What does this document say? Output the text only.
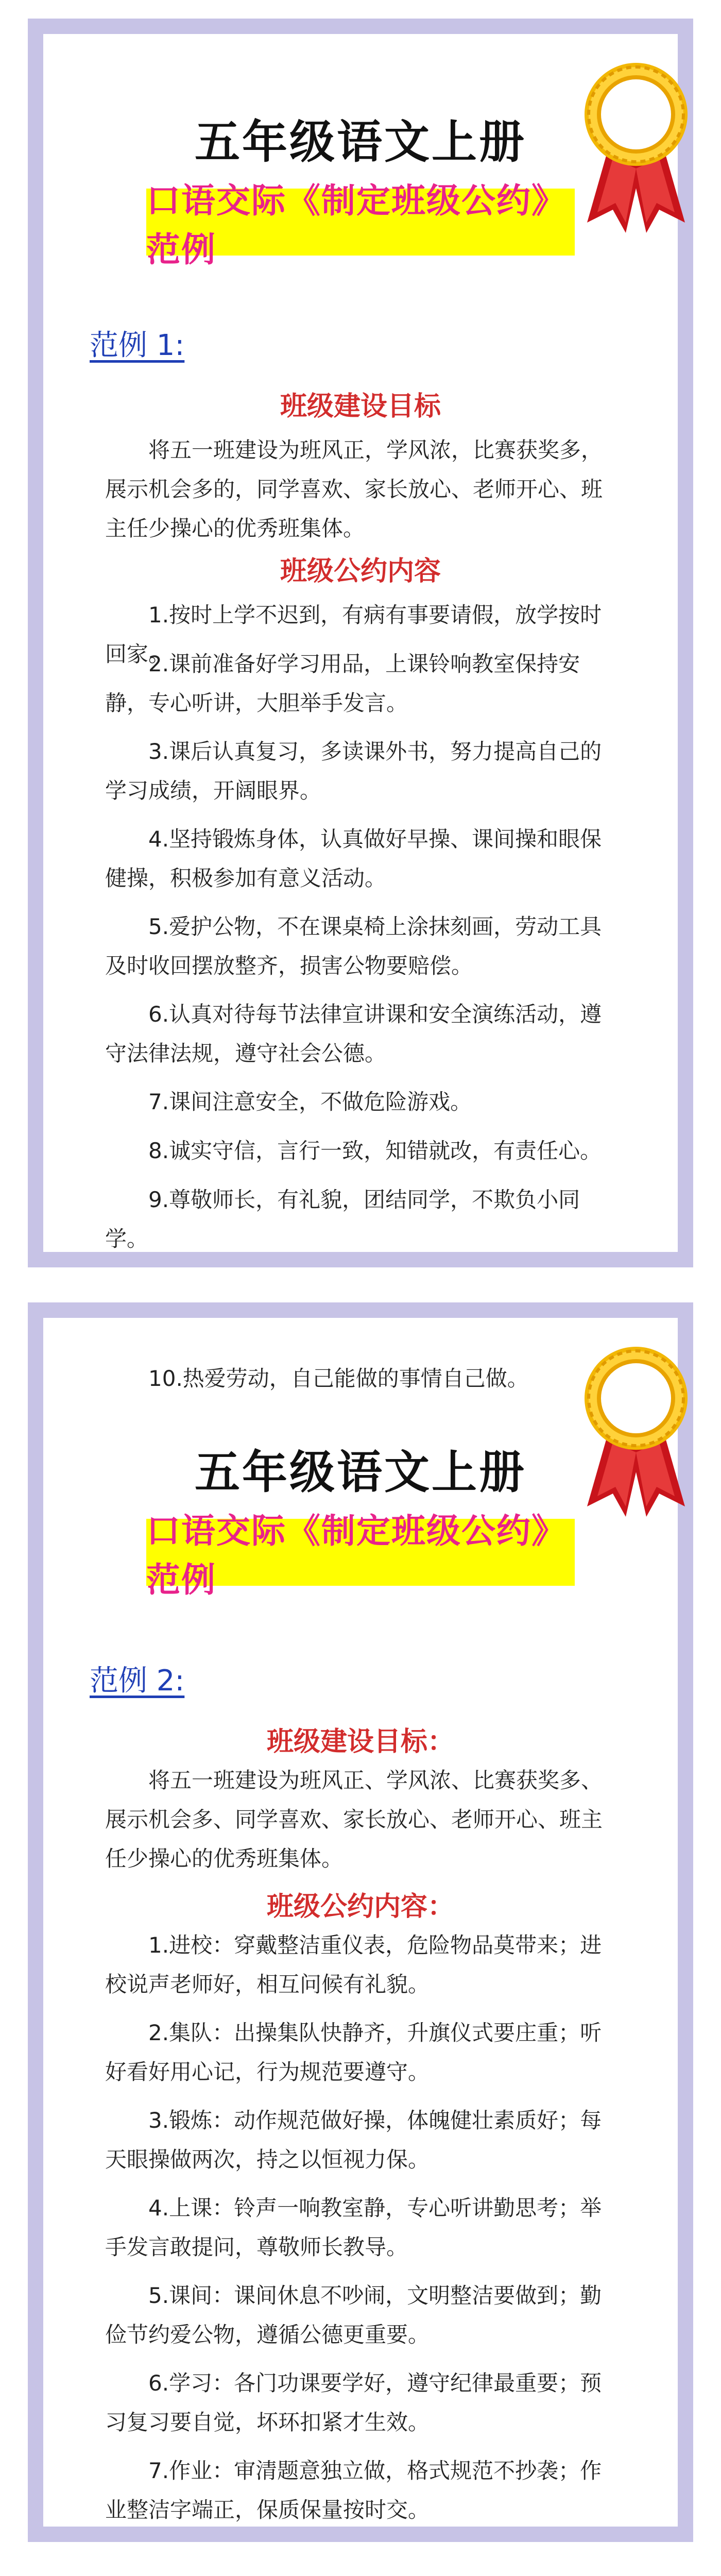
五年级语文上册
口语交际《制定班级公约》范例
范例 1:
班级建设目标

将五一班建设为班风正，学风浓，比赛获奖多，展示机会多的，同学喜欢、家长放心、老师开心、班主任少操心的优秀班集体。

班级公约内容

1.按时上学不迟到，有病有事要请假，放学按时回家。

2.课前准备好学习用品，上课铃响教室保持安静，专心听讲，大胆举手发言。

3.课后认真复习，多读课外书，努力提高自己的学习成绩，开阔眼界。

4.坚持锻炼身体，认真做好早操、课间操和眼保健操，积极参加有意义活动。

5.爱护公物，不在课桌椅上涂抹刻画，劳动工具及时收回摆放整齐，损害公物要赔偿。

6.认真对待每节法律宣讲课和安全演练活动，遵守法律法规，遵守社会公德。

7.课间注意安全，不做危险游戏。

8.诚实守信，言行一致，知错就改，有责任心。

9.尊敬师长，有礼貌，团结同学，不欺负小同学。

10.热爱劳动，自己能做的事情自己做。

五年级语文上册
口语交际《制定班级公约》范例
范例 2:
班级建设目标：

将五一班建设为班风正、学风浓、比赛获奖多、展示机会多、同学喜欢、家长放心、老师开心、班主任少操心的优秀班集体。

班级公约内容：

1.进校：穿戴整洁重仪表，危险物品莫带来；进校说声老师好，相互问候有礼貌。

2.集队：出操集队快静齐，升旗仪式要庄重；听好看好用心记，行为规范要遵守。

3.锻炼：动作规范做好操，体魄健壮素质好；每天眼操做两次，持之以恒视力保。

4.上课：铃声一响教室静，专心听讲勤思考；举手发言敢提问，尊敬师长教导。

5.课间：课间休息不吵闹，文明整洁要做到；勤俭节约爱公物，遵循公德更重要。

6.学习：各门功课要学好，遵守纪律最重要；预习复习要自觉，坏环扣紧才生效。

7.作业：审清题意独立做，格式规范不抄袭；作业整洁字端正，保质保量按时交。
